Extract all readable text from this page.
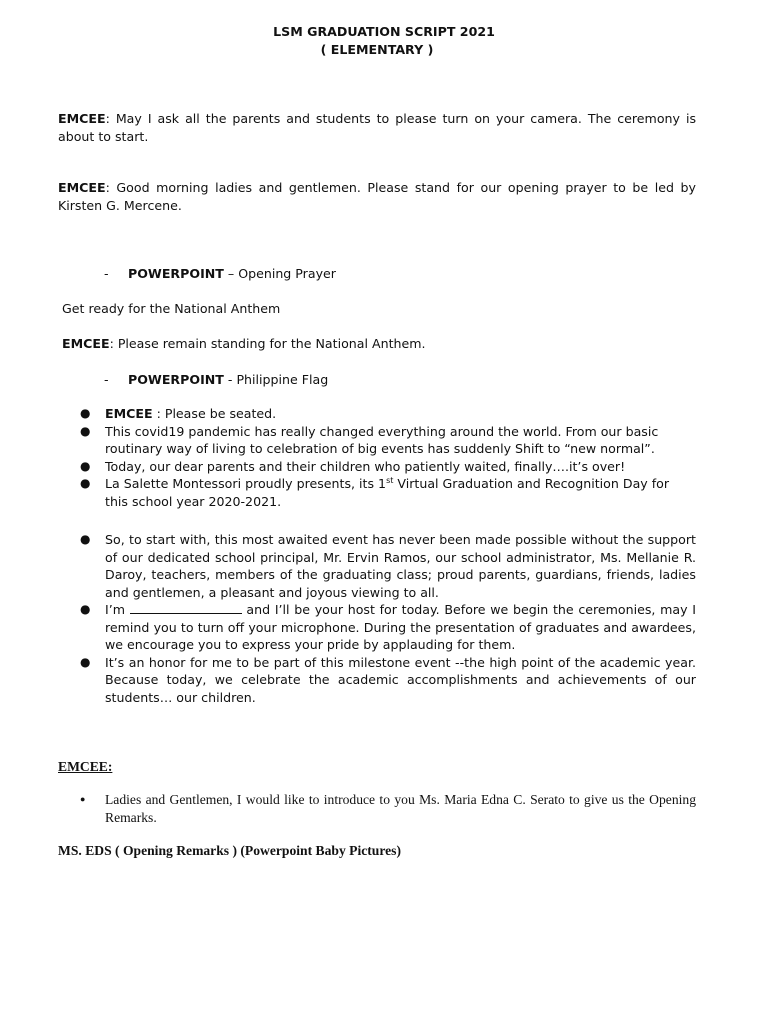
LSM GRADUATION SCRIPT 2021
( ELEMENTARY )
EMCEE: May I ask all the parents and students to please turn on your camera. The ceremony is about to start.
EMCEE: Good morning ladies and gentlemen. Please stand for our opening prayer to be led by Kirsten G. Mercene.
- POWERPOINT – Opening Prayer
Get ready for the National Anthem
EMCEE: Please remain standing for the National Anthem.
- POWERPOINT - Philippine Flag
● EMCEE : Please be seated.
● This covid19 pandemic has really changed everything around the world. From our basic routinary way of living to celebration of big events has suddenly Shift to “new normal”.
● Today, our dear parents and their children who patiently waited, finally….it’s over!
● La Salette Montessori proudly presents, its 1st Virtual Graduation and Recognition Day for this school year 2020-2021.
● So, to start with, this most awaited event has never been made possible without the support of our dedicated school principal, Mr. Ervin Ramos, our school administrator, Ms. Mellanie R. Daroy, teachers, members of the graduating class; proud parents, guardians, friends, ladies and gentlemen, a pleasant and joyous viewing to all.
● I’m	and I’ll be your host for today. Before we begin the ceremonies, may I remind you to turn off your microphone. During the presentation of graduates and awardees, we encourage you to express your pride by applauding for them.
● It’s an honor for me to be part of this milestone event --the high point of the academic year. Because today, we celebrate the academic accomplishments and achievements of our students… our children.
EMCEE:
● Ladies and Gentlemen, I would like to introduce to you Ms. Maria Edna C. Serato to give us the Opening Remarks.
MS. EDS ( Opening Remarks ) (Powerpoint Baby Pictures)
